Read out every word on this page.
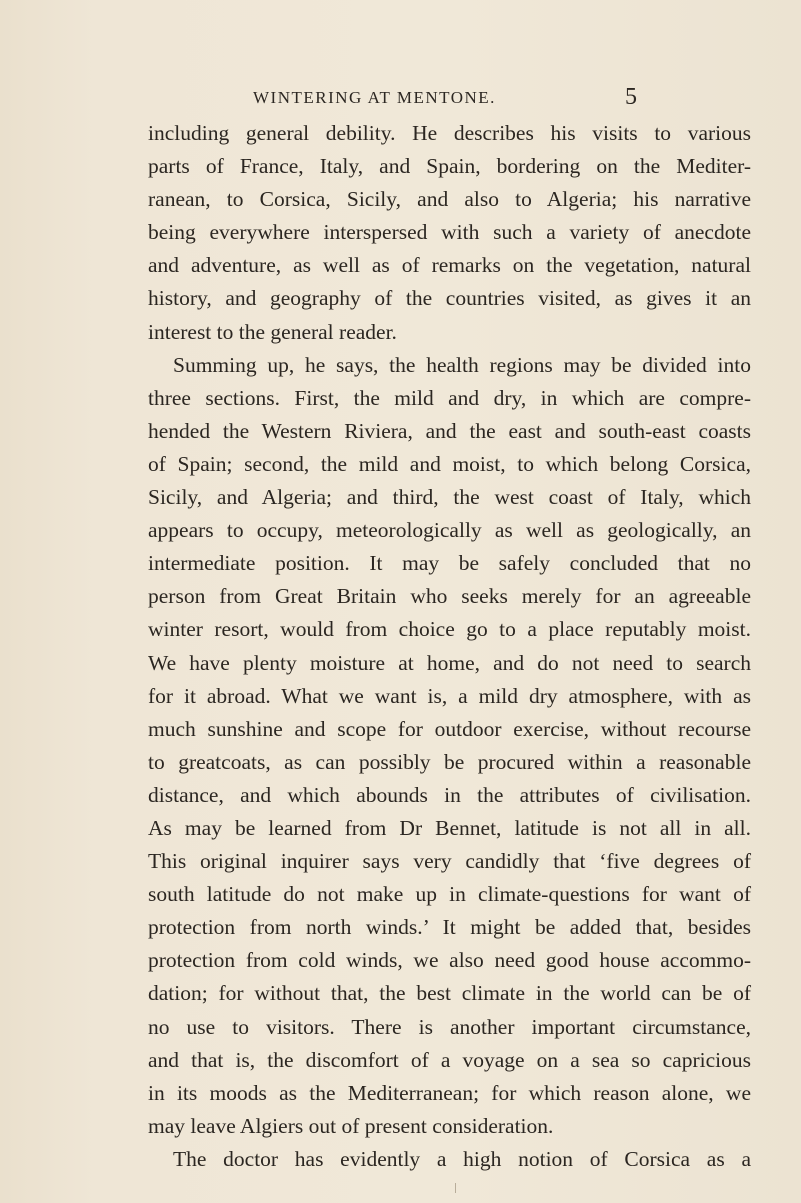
WINTERING AT MENTONE.	5
including general debility. He describes his visits to various
parts of France, Italy, and Spain, bordering on the Mediter-
ranean, to Corsica, Sicily, and also to Algeria; his narrative
being everywhere interspersed with such a variety of anecdote
and adventure, as well as of remarks on the vegetation, natural
history, and geography of the countries visited, as gives it an
interest to the general reader.
Summing up, he says, the health regions may be divided into
three sections. First, the mild and dry, in which are compre-
hended the Western Riviera, and the east and south-east coasts
of Spain; second, the mild and moist, to which belong Corsica,
Sicily, and Algeria; and third, the west coast of Italy, which
appears to occupy, meteorologically as well as geologically, an
intermediate position. It may be safely concluded that no
person from Great Britain who seeks merely for an agreeable
winter resort, would from choice go to a place reputably moist.
We have plenty moisture at home, and do not need to search
for it abroad. What we want is, a mild dry atmosphere, with as
much sunshine and scope for outdoor exercise, without recourse
to greatcoats, as can possibly be procured within a reasonable
distance, and which abounds in the attributes of civilisation.
As may be learned from Dr Bennet, latitude is not all in all.
This original inquirer says very candidly that ‘five degrees of
south latitude do not make up in climate-questions for want of
protection from north winds.’ It might be added that, besides
protection from cold winds, we also need good house accommo-
dation; for without that, the best climate in the world can be of
no use to visitors. There is another important circumstance,
and that is, the discomfort of a voyage on a sea so capricious
in its moods as the Mediterranean; for which reason alone, we
may leave Algiers out of present consideration.
The doctor has evidently a high notion of Corsica as a
